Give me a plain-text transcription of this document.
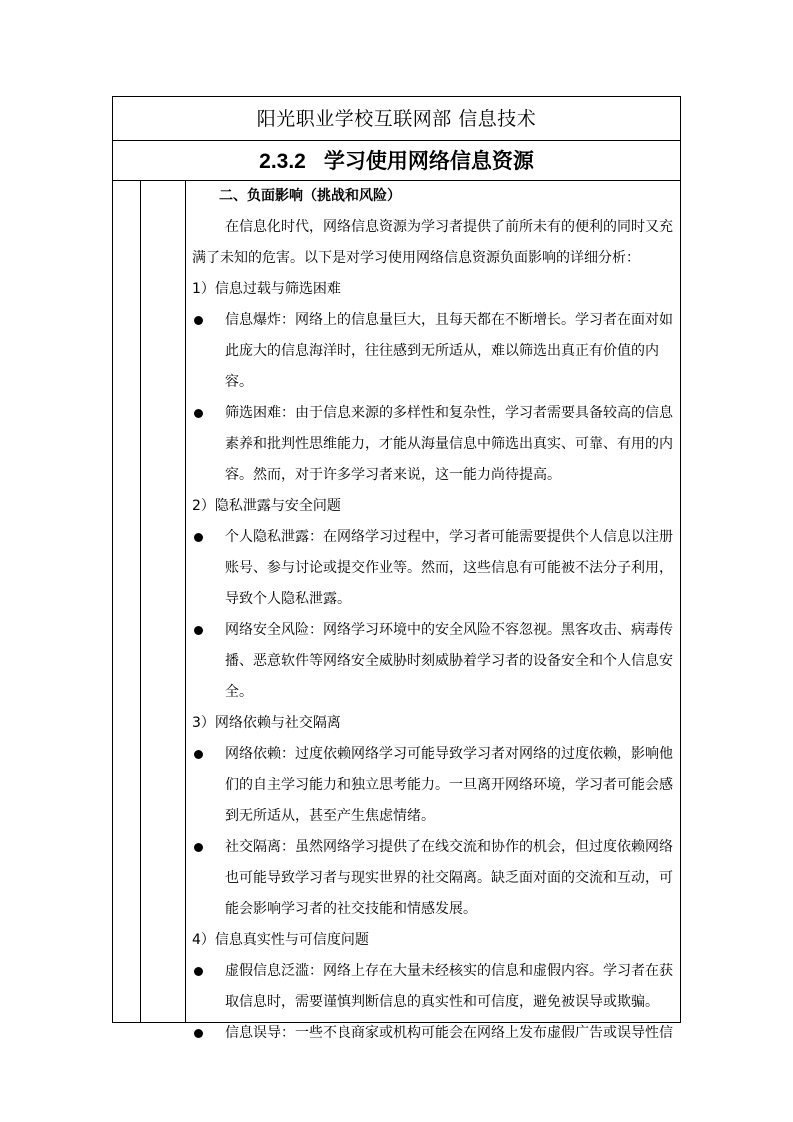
阳光职业学校互联网部 信息技术
2.3.2 学习使用网络信息资源
二、负面影响（挑战和风险）

在信息化时代，网络信息资源为学习者提供了前所未有的便利的同时又充满了未知的危害。以下是对学习使用网络信息资源负面影响的详细分析：

1）信息过载与筛选困难
信息爆炸：网络上的信息量巨大，且每天都在不断增长。学习者在面对如此庞大的信息海洋时，往往感到无所适从，难以筛选出真正有价值的内容。
筛选困难：由于信息来源的多样性和复杂性，学习者需要具备较高的信息素养和批判性思维能力，才能从海量信息中筛选出真实、可靠、有用的内容。然而，对于许多学习者来说，这一能力尚待提高。
2）隐私泄露与安全问题
个人隐私泄露：在网络学习过程中，学习者可能需要提供个人信息以注册账号、参与讨论或提交作业等。然而，这些信息有可能被不法分子利用，导致个人隐私泄露。
网络安全风险：网络学习环境中的安全风险不容忽视。黑客攻击、病毒传播、恶意软件等网络安全威胁时刻威胁着学习者的设备安全和个人信息安全。
3）网络依赖与社交隔离
网络依赖：过度依赖网络学习可能导致学习者对网络的过度依赖，影响他们的自主学习能力和独立思考能力。一旦离开网络环境，学习者可能会感到无所适从，甚至产生焦虑情绪。
社交隔离：虽然网络学习提供了在线交流和协作的机会，但过度依赖网络也可能导致学习者与现实世界的社交隔离。缺乏面对面的交流和互动，可能会影响学习者的社交技能和情感发展。
4）信息真实性与可信度问题
虚假信息泛滥：网络上存在大量未经核实的信息和虚假内容。学习者在获取信息时，需要谨慎判断信息的真实性和可信度，避免被误导或欺骗。
信息误导：一些不良商家或机构可能会在网络上发布虚假广告或误导性信
